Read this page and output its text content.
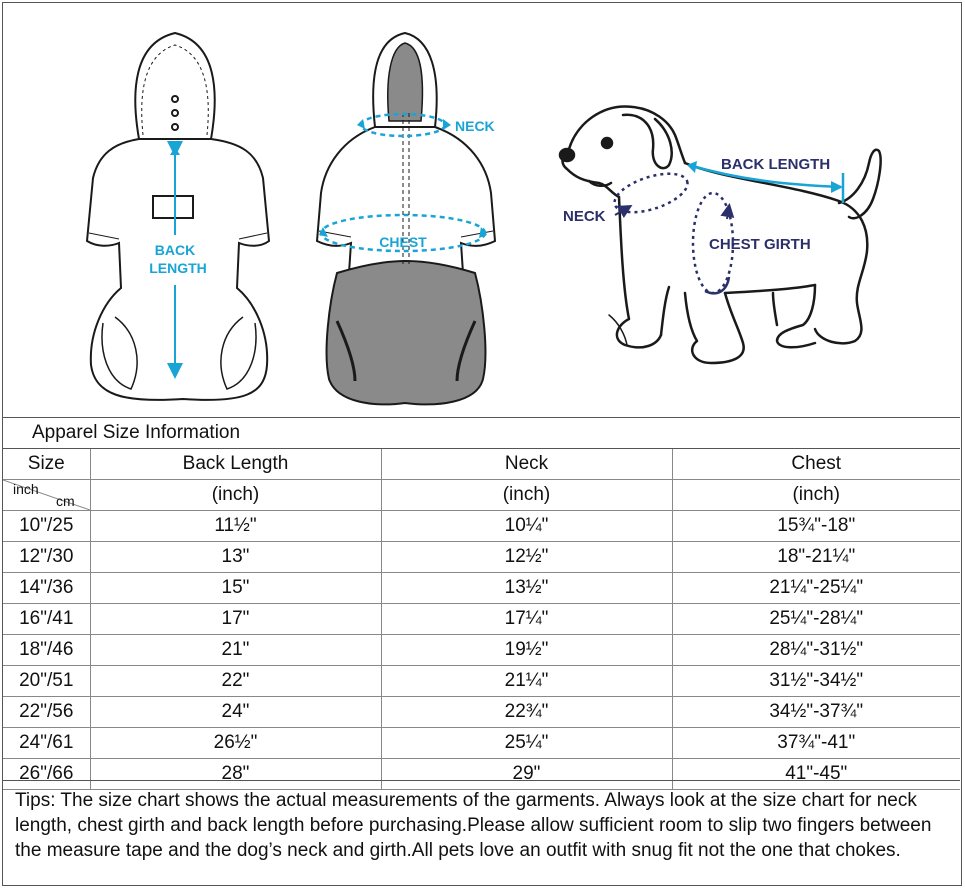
BACK
LENGTH
NECK
CHEST
BACK LENGTH
NECK
CHEST GIRTH
Apparel Size Information
Size	Back Length	Neck	Chest

inch
cm	(inch)	(inch)	(inch)
10"/25	11½"	10¼"	15¾"-18"
12"/30	13"	12½"	18"-21¼"
14"/36	15"	13½"	21¼"-25¼"
16"/41	17"	17¼"	25¼"-28¼"
18"/46	21"	19½"	28¼"-31½"
20"/51	22"	21¼"	31½"-34½"
22"/56	24"	22¾"	34½"-37¾"
24"/61	26½"	25¼"	37¾"-41"
26"/66	28"	29"	41"-45"
Tips: The size chart shows the actual measurements of the garments. Always look at the size chart for neck length, chest girth and back length before purchasing.Please allow sufficient room to slip two fingers between the measure tape and the dog’s neck and girth.All pets love an outfit with snug fit not the one that chokes.
